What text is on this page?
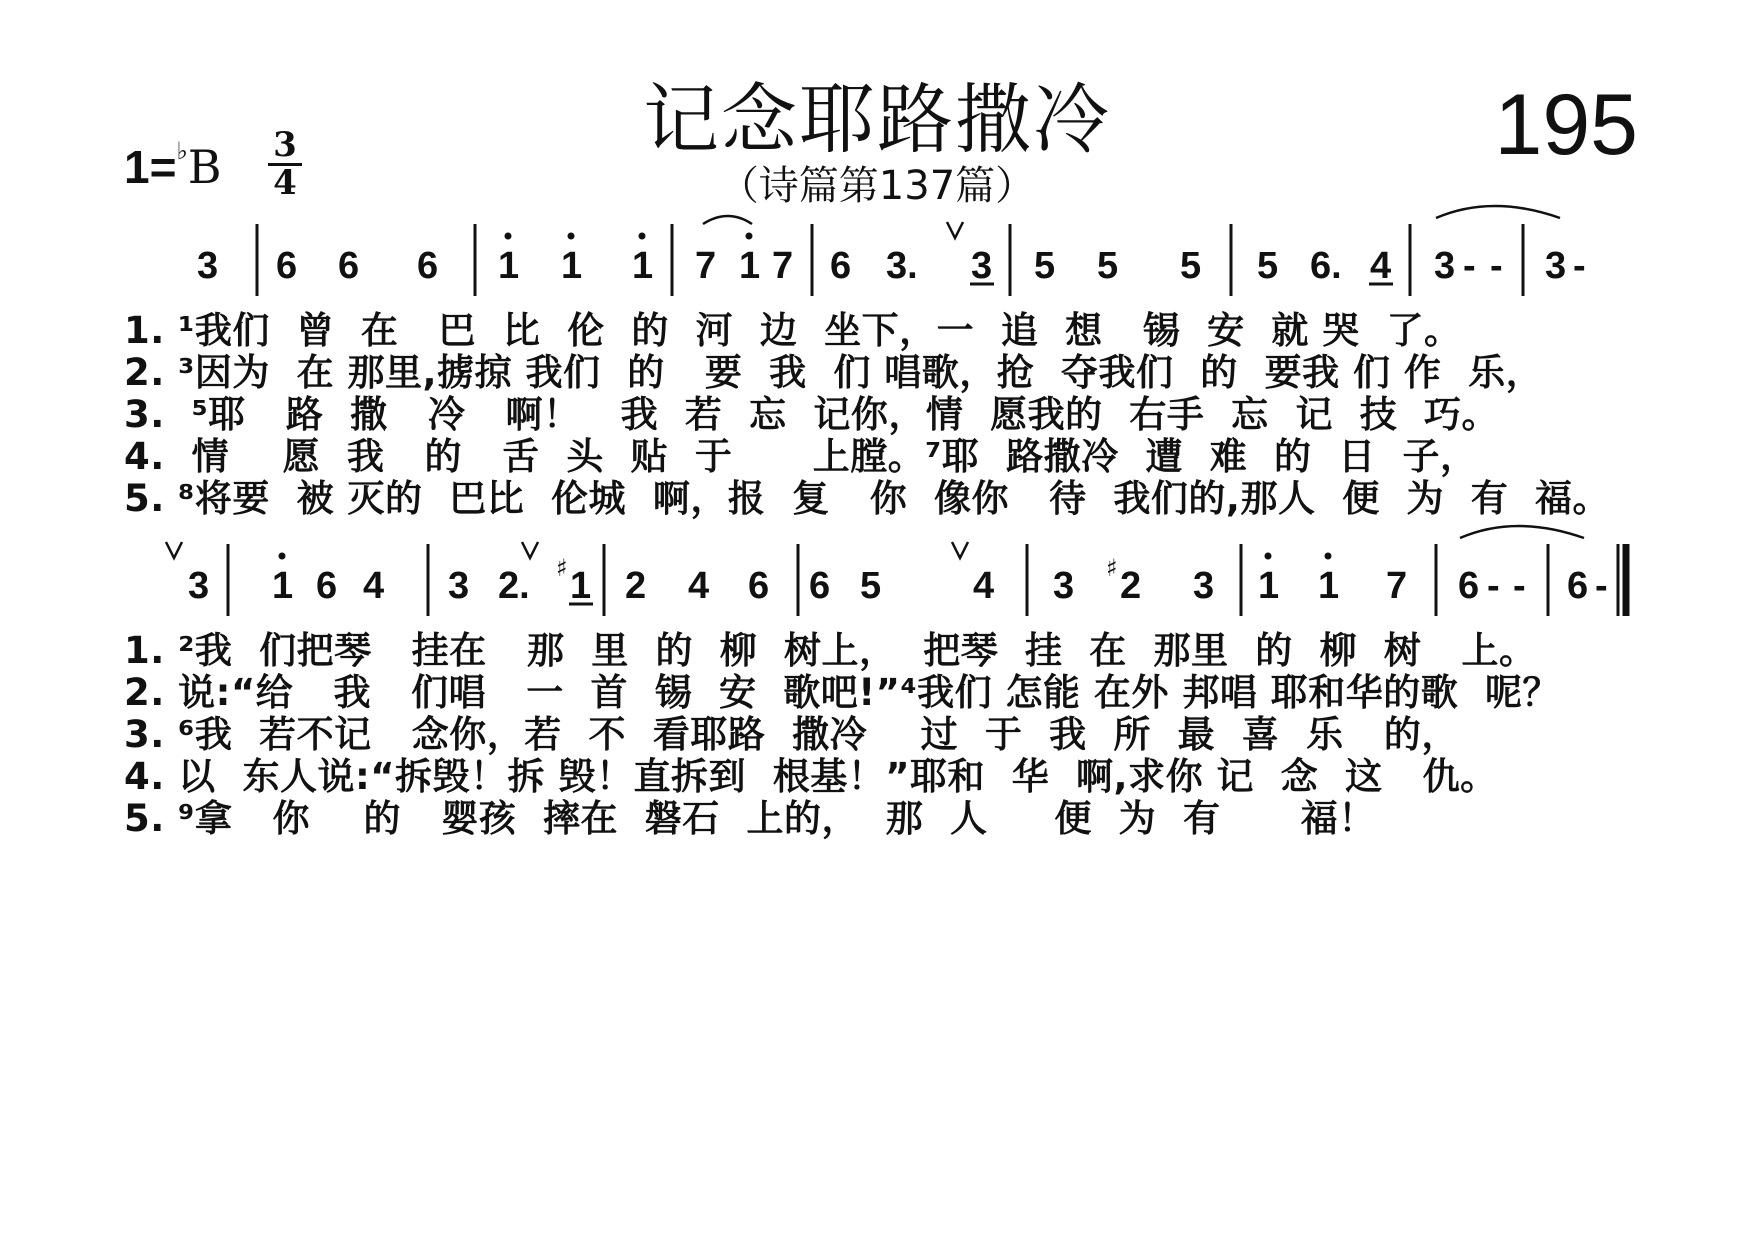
记念耶路撒冷
（诗篇第137篇）
195
$1=^♭B \frac{3}{4}$
3 6 6 6 1 1 1 7 1 7 6 3. 3 5 5 5 5 6. 4 3 - - 3 -
1. ¹我们  曾  在   巴  比  伦  的  河  边  坐下，一  追  想   锡  安  就 哭  了。
2. ³因为  在 那里,掳掠 我们  的   要  我  们 唱歌，抢  夺我们  的  要我 们 作  乐，
3.  ⁵耶   路  撒   冷   啊！   我  若  忘  记你，情  愿我的  右手  忘  记  技  巧。
4.  情    愿  我   的   舌  头  贴  于      上膛。⁷耶  路撒冷  遭  难  的  日  子，
5. ⁸将要  被 灭的  巴比  伦城  啊，报  复   你  像你   待  我们的,那人  便  为  有  福。
3 1 6 4 3 2. 1 2 4 6 6 5 4 3 2 3 1 1 7 6 - - 6 -
♯	♯
1. ²我  们把琴   挂在   那  里  的  柳  树上，  把琴  挂  在  那里  的  柳  树   上。
2. 说:“给   我   们唱   一  首  锡  安  歌吧!”⁴我们 怎能 在外 邦唱 耶和华的歌  呢？
3. ⁶我  若不记   念你，若  不  看耶路  撒冷    过  于  我  所  最  喜  乐   的，
4. 以  东人说:“拆毁！拆 毁！直拆到  根基！”耶和  华  啊,求你 记  念  这   仇。
5. ⁹拿   你    的   婴孩  摔在  磐石  上的，  那  人     便  为  有      福！
